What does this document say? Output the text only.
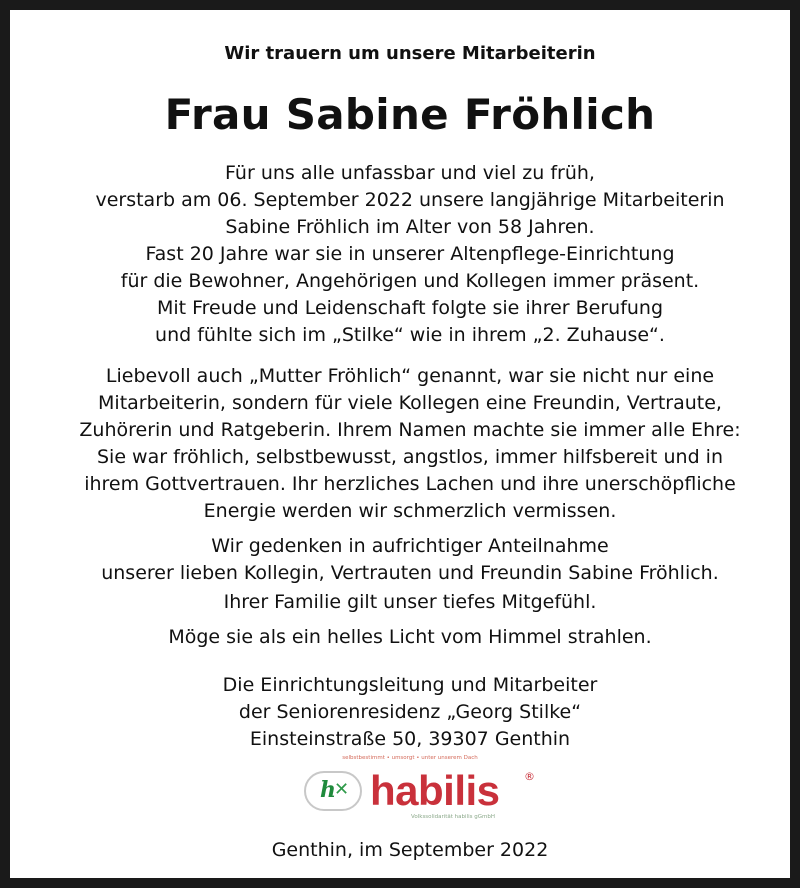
Wir trauern um unsere Mitarbeiterin
Frau Sabine Fröhlich
Für uns alle unfassbar und viel zu früh,
verstarb am 06. September 2022 unsere langjährige Mitarbeiterin
Sabine Fröhlich im Alter von 58 Jahren.
Fast 20 Jahre war sie in unserer Altenpflege-Einrichtung
für die Bewohner, Angehörigen und Kollegen immer präsent.
Mit Freude und Leidenschaft folgte sie ihrer Berufung
und fühlte sich im „Stilke“ wie in ihrem „2. Zuhause“.
Liebevoll auch „Mutter Fröhlich“ genannt, war sie nicht nur eine
Mitarbeiterin, sondern für viele Kollegen eine Freundin, Vertraute,
Zuhörerin und Ratgeberin. Ihrem Namen machte sie immer alle Ehre:
Sie war fröhlich, selbstbewusst, angstlos, immer hilfsbereit und in
ihrem Gottvertrauen. Ihr herzliches Lachen und ihre unerschöpfliche
Energie werden wir schmerzlich vermissen.
Wir gedenken in aufrichtiger Anteilnahme
unserer lieben Kollegin, Vertrauten und Freundin Sabine Fröhlich.
Ihrer Familie gilt unser tiefes Mitgefühl.
Möge sie als ein helles Licht vom Himmel strahlen.
Die Einrichtungsleitung und Mitarbeiter
der Seniorenresidenz „Georg Stilke“
Einsteinstraße 50, 39307 Genthin
selbstbestimmt • umsorgt • unter unserem Dach
h
✕ habilis ®
Volkssolidarität habilis gGmbH
Genthin, im September 2022
